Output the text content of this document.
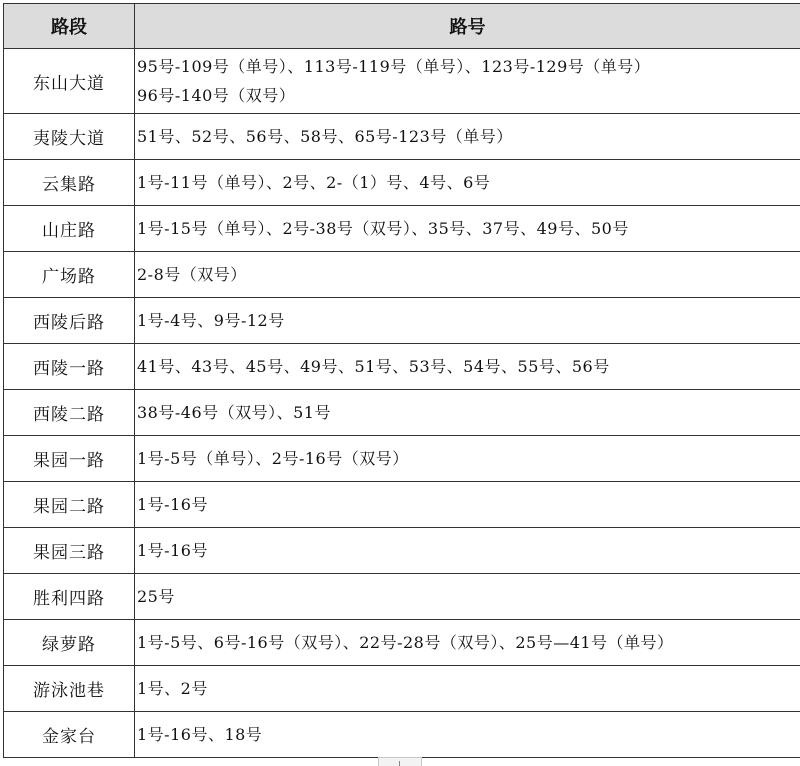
路段	路号
东山大道	95号-109号（单号）、113号-119号（单号）、123号-129号（单号）
96号-140号（双号）

夷陵大道	51号、52号、56号、58号、65号-123号（单号）

云集路	1号-11号（单号）、2号、2-（1）号、4号、6号

山庄路	1号-15号（单号）、2号-38号（双号）、35号、37号、49号、50号

广场路	2-8号（双号）

西陵后路	1号-4号、9号-12号

西陵一路	41号、43号、45号、49号、51号、53号、54号、55号、56号

西陵二路	38号-46号（双号）、51号

果园一路	1号-5号（单号）、2号-16号（双号）

果园二路	1号-16号

果园三路	1号-16号

胜利四路	25号

绿萝路	1号-5号、6号-16号（双号）、22号-28号（双号）、25号—41号（单号）

游泳池巷	1号、2号

金家台	1号-16号、18号
